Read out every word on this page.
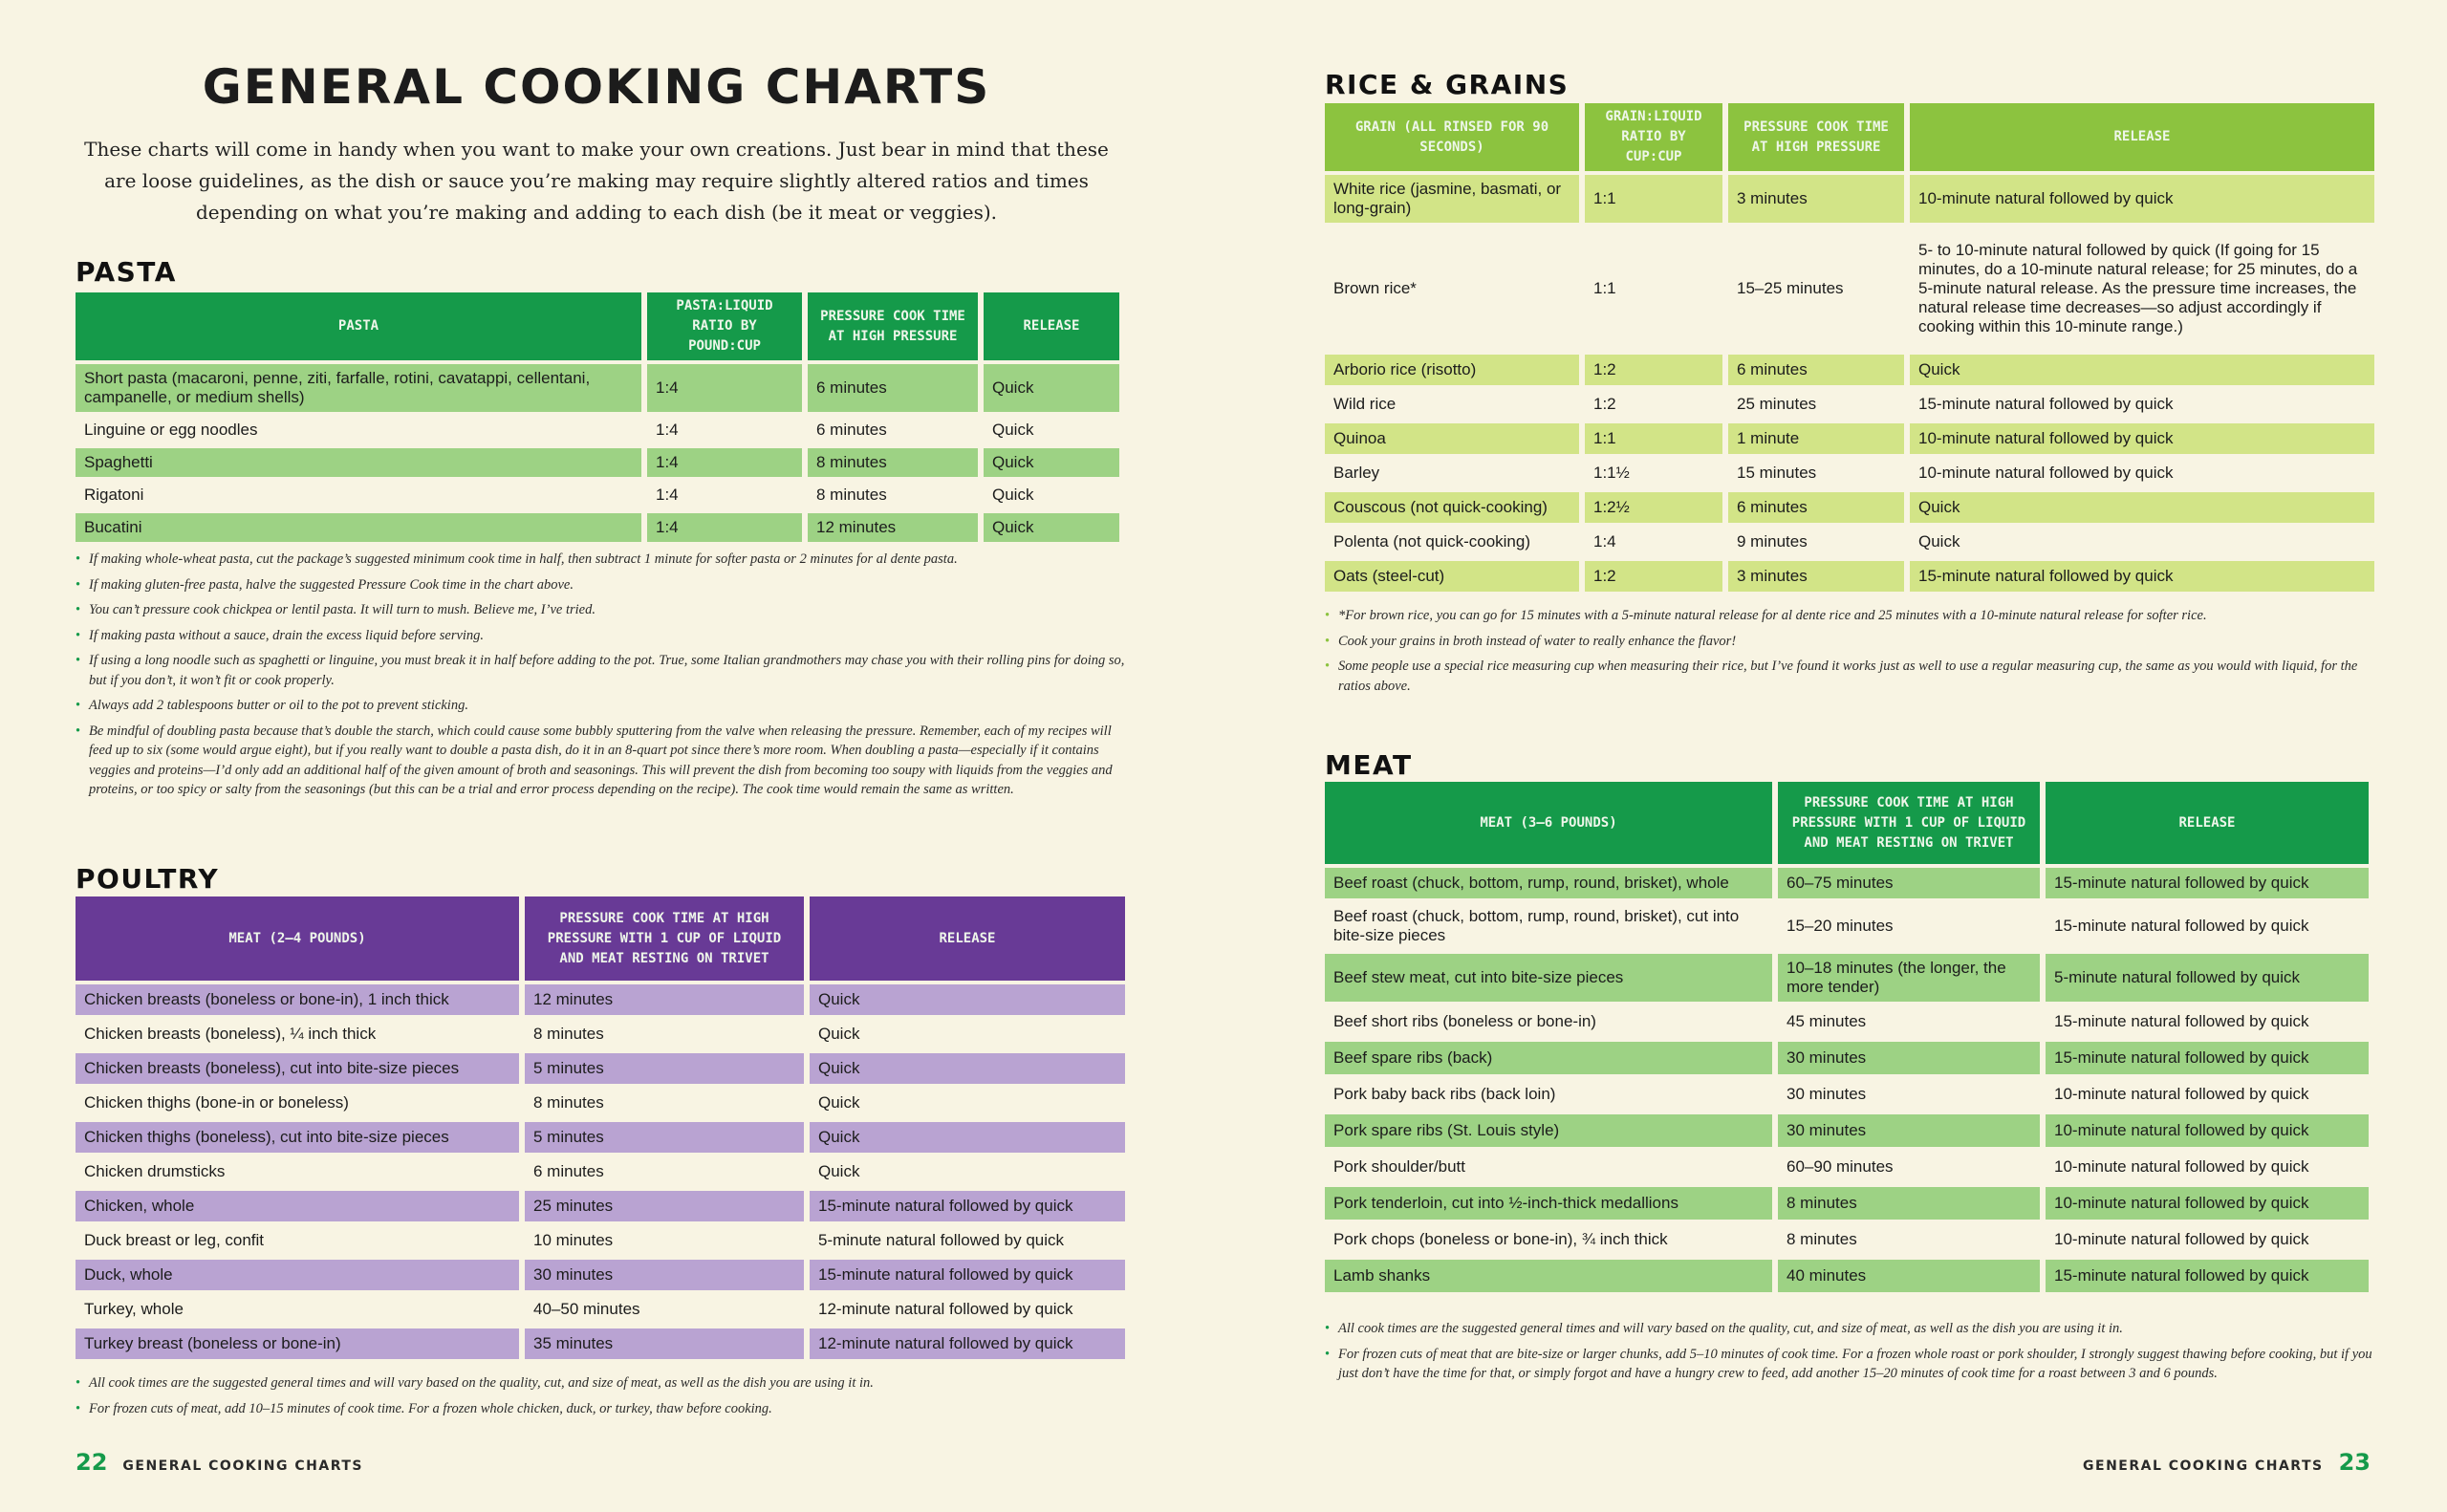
GENERAL COOKING CHARTS

These charts will come in handy when you want to make your own creations. Just bear in mind that these are loose guidelines, as the dish or sauce you’re making may require slightly altered ratios and times depending on what you’re making and adding to each dish (be it meat or veggies).

PASTA
PASTA	PASTA:LIQUID RATIO BY POUND:CUP	PRESSURE COOK TIME AT HIGH PRESSURE	RELEASE
Short pasta (macaroni, penne, ziti, farfalle, rotini, cavatappi, cellentani, campanelle, or medium shells)	1:4	6 minutes	Quick
Linguine or egg noodles	1:4	6 minutes	Quick
Spaghetti	1:4	8 minutes	Quick
Rigatoni	1:4	8 minutes	Quick
Bucatini	1:4	12 minutes	Quick
• If making whole-wheat pasta, cut the package’s suggested minimum cook time in half, then subtract 1 minute for softer pasta or 2 minutes for al dente pasta.
• If making gluten-free pasta, halve the suggested Pressure Cook time in the chart above.
• You can’t pressure cook chickpea or lentil pasta. It will turn to mush. Believe me, I’ve tried.
• If making pasta without a sauce, drain the excess liquid before serving.
• If using a long noodle such as spaghetti or linguine, you must break it in half before adding to the pot. True, some Italian grandmothers may chase you with their rolling pins for doing so, but if you don’t, it won’t fit or cook properly.
• Always add 2 tablespoons butter or oil to the pot to prevent sticking.
• Be mindful of doubling pasta because that’s double the starch, which could cause some bubbly sputtering from the valve when releasing the pressure. Remember, each of my recipes will feed up to six (some would argue eight), but if you really want to double a pasta dish, do it in an 8-quart pot since there’s more room. When doubling a pasta—especially if it contains veggies and proteins—I’d only add an additional half of the given amount of broth and seasonings. This will prevent the dish from becoming too soupy with liquids from the veggies and proteins, or too spicy or salty from the seasonings (but this can be a trial and error process depending on the recipe). The cook time would remain the same as written.
POULTRY
MEAT (2–4 POUNDS)	PRESSURE COOK TIME AT HIGH PRESSURE WITH 1 CUP OF LIQUID AND MEAT RESTING ON TRIVET	RELEASE
Chicken breasts (boneless or bone-in), 1 inch thick	12 minutes	Quick
Chicken breasts (boneless), ¼ inch thick	8 minutes	Quick
Chicken breasts (boneless), cut into bite-size pieces	5 minutes	Quick
Chicken thighs (bone-in or boneless)	8 minutes	Quick
Chicken thighs (boneless), cut into bite-size pieces	5 minutes	Quick
Chicken drumsticks	6 minutes	Quick
Chicken, whole	25 minutes	15-minute natural followed by quick
Duck breast or leg, confit	10 minutes	5-minute natural followed by quick
Duck, whole	30 minutes	15-minute natural followed by quick
Turkey, whole	40–50 minutes	12-minute natural followed by quick
Turkey breast (boneless or bone-in)	35 minutes	12-minute natural followed by quick
• All cook times are the suggested general times and will vary based on the quality, cut, and size of meat, as well as the dish you are using it in.
• For frozen cuts of meat, add 10–15 minutes of cook time. For a frozen whole chicken, duck, or turkey, thaw before cooking.
22 GENERAL COOKING CHARTS
RICE & GRAINS
GRAIN (ALL RINSED FOR 90 SECONDS)	GRAIN:LIQUID RATIO BY CUP:CUP	PRESSURE COOK TIME AT HIGH PRESSURE	RELEASE
White rice (jasmine, basmati, or long-grain)	1:1	3 minutes	10-minute natural followed by quick
Brown rice*	1:1	15–25 minutes	5- to 10-minute natural followed by quick (If going for 15 minutes, do a 10-minute natural release; for 25 minutes, do a 5-minute natural release. As the pressure time increases, the natural release time decreases—so adjust accordingly if cooking within this 10-minute range.)
Arborio rice (risotto)	1:2	6 minutes	Quick
Wild rice	1:2	25 minutes	15-minute natural followed by quick
Quinoa	1:1	1 minute	10-minute natural followed by quick
Barley	1:1½	15 minutes	10-minute natural followed by quick
Couscous (not quick-cooking)	1:2½	6 minutes	Quick
Polenta (not quick-cooking)	1:4	9 minutes	Quick
Oats (steel-cut)	1:2	3 minutes	15-minute natural followed by quick
• *For brown rice, you can go for 15 minutes with a 5-minute natural release for al dente rice and 25 minutes with a 10-minute natural release for softer rice.
• Cook your grains in broth instead of water to really enhance the flavor!
• Some people use a special rice measuring cup when measuring their rice, but I’ve found it works just as well to use a regular measuring cup, the same as you would with liquid, for the ratios above.
MEAT
MEAT (3–6 POUNDS)	PRESSURE COOK TIME AT HIGH PRESSURE WITH 1 CUP OF LIQUID AND MEAT RESTING ON TRIVET	RELEASE
Beef roast (chuck, bottom, rump, round, brisket), whole	60–75 minutes	15-minute natural followed by quick
Beef roast (chuck, bottom, rump, round, brisket), cut into bite-size pieces	15–20 minutes	15-minute natural followed by quick
Beef stew meat, cut into bite-size pieces	10–18 minutes (the longer, the more tender)	5-minute natural followed by quick
Beef short ribs (boneless or bone-in)	45 minutes	15-minute natural followed by quick
Beef spare ribs (back)	30 minutes	15-minute natural followed by quick
Pork baby back ribs (back loin)	30 minutes	10-minute natural followed by quick
Pork spare ribs (St. Louis style)	30 minutes	10-minute natural followed by quick
Pork shoulder/butt	60–90 minutes	10-minute natural followed by quick
Pork tenderloin, cut into ½-inch-thick medallions	8 minutes	10-minute natural followed by quick
Pork chops (boneless or bone-in), ¾ inch thick	8 minutes	10-minute natural followed by quick
Lamb shanks	40 minutes	15-minute natural followed by quick
• All cook times are the suggested general times and will vary based on the quality, cut, and size of meat, as well as the dish you are using it in.
• For frozen cuts of meat that are bite-size or larger chunks, add 5–10 minutes of cook time. For a frozen whole roast or pork shoulder, I strongly suggest thawing before cooking, but if you just don’t have the time for that, or simply forgot and have a hungry crew to feed, add another 15–20 minutes of cook time for a roast between 3 and 6 pounds.
GENERAL COOKING CHARTS 23
